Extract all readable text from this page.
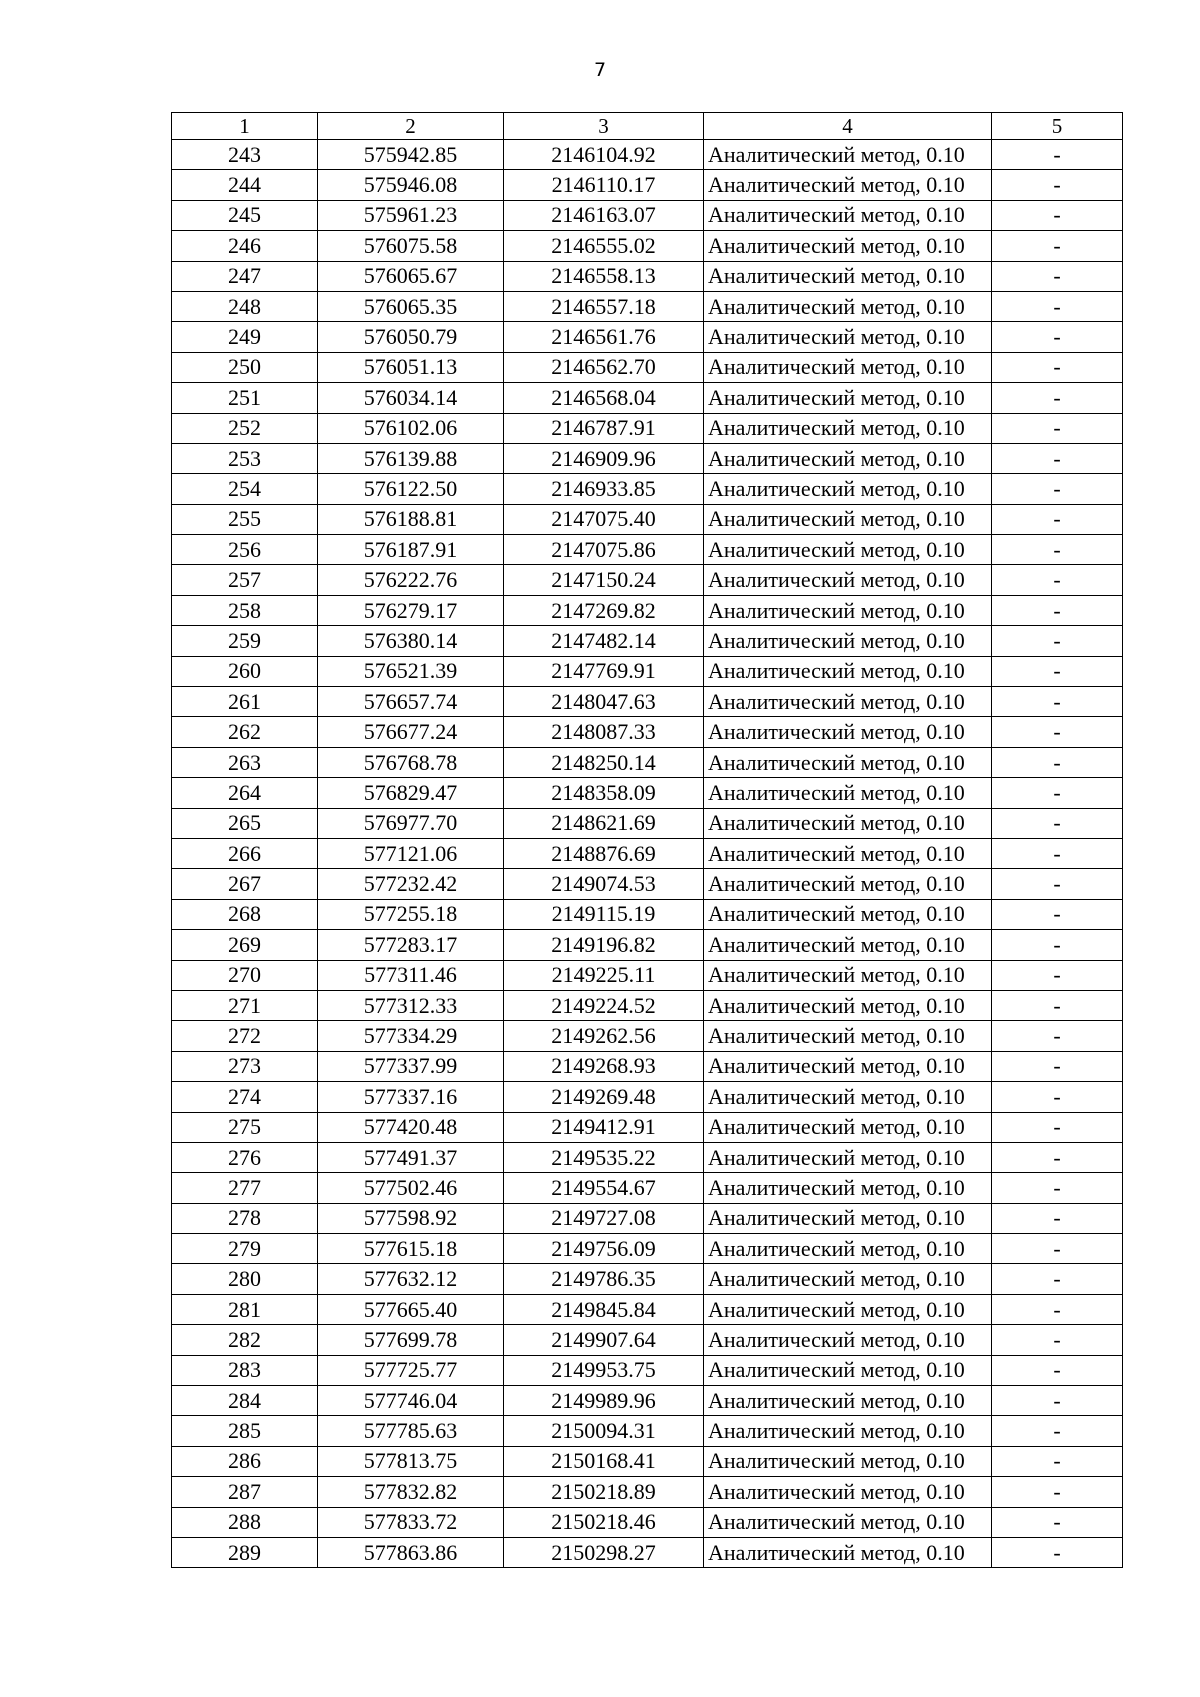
7
1	2	3	4	5
243	575942.85	2146104.92	Аналитический метод, 0.10	-
244	575946.08	2146110.17	Аналитический метод, 0.10	-
245	575961.23	2146163.07	Аналитический метод, 0.10	-
246	576075.58	2146555.02	Аналитический метод, 0.10	-
247	576065.67	2146558.13	Аналитический метод, 0.10	-
248	576065.35	2146557.18	Аналитический метод, 0.10	-
249	576050.79	2146561.76	Аналитический метод, 0.10	-
250	576051.13	2146562.70	Аналитический метод, 0.10	-
251	576034.14	2146568.04	Аналитический метод, 0.10	-
252	576102.06	2146787.91	Аналитический метод, 0.10	-
253	576139.88	2146909.96	Аналитический метод, 0.10	-
254	576122.50	2146933.85	Аналитический метод, 0.10	-
255	576188.81	2147075.40	Аналитический метод, 0.10	-
256	576187.91	2147075.86	Аналитический метод, 0.10	-
257	576222.76	2147150.24	Аналитический метод, 0.10	-
258	576279.17	2147269.82	Аналитический метод, 0.10	-
259	576380.14	2147482.14	Аналитический метод, 0.10	-
260	576521.39	2147769.91	Аналитический метод, 0.10	-
261	576657.74	2148047.63	Аналитический метод, 0.10	-
262	576677.24	2148087.33	Аналитический метод, 0.10	-
263	576768.78	2148250.14	Аналитический метод, 0.10	-
264	576829.47	2148358.09	Аналитический метод, 0.10	-
265	576977.70	2148621.69	Аналитический метод, 0.10	-
266	577121.06	2148876.69	Аналитический метод, 0.10	-
267	577232.42	2149074.53	Аналитический метод, 0.10	-
268	577255.18	2149115.19	Аналитический метод, 0.10	-
269	577283.17	2149196.82	Аналитический метод, 0.10	-
270	577311.46	2149225.11	Аналитический метод, 0.10	-
271	577312.33	2149224.52	Аналитический метод, 0.10	-
272	577334.29	2149262.56	Аналитический метод, 0.10	-
273	577337.99	2149268.93	Аналитический метод, 0.10	-
274	577337.16	2149269.48	Аналитический метод, 0.10	-
275	577420.48	2149412.91	Аналитический метод, 0.10	-
276	577491.37	2149535.22	Аналитический метод, 0.10	-
277	577502.46	2149554.67	Аналитический метод, 0.10	-
278	577598.92	2149727.08	Аналитический метод, 0.10	-
279	577615.18	2149756.09	Аналитический метод, 0.10	-
280	577632.12	2149786.35	Аналитический метод, 0.10	-
281	577665.40	2149845.84	Аналитический метод, 0.10	-
282	577699.78	2149907.64	Аналитический метод, 0.10	-
283	577725.77	2149953.75	Аналитический метод, 0.10	-
284	577746.04	2149989.96	Аналитический метод, 0.10	-
285	577785.63	2150094.31	Аналитический метод, 0.10	-
286	577813.75	2150168.41	Аналитический метод, 0.10	-
287	577832.82	2150218.89	Аналитический метод, 0.10	-
288	577833.72	2150218.46	Аналитический метод, 0.10	-
289	577863.86	2150298.27	Аналитический метод, 0.10	-
